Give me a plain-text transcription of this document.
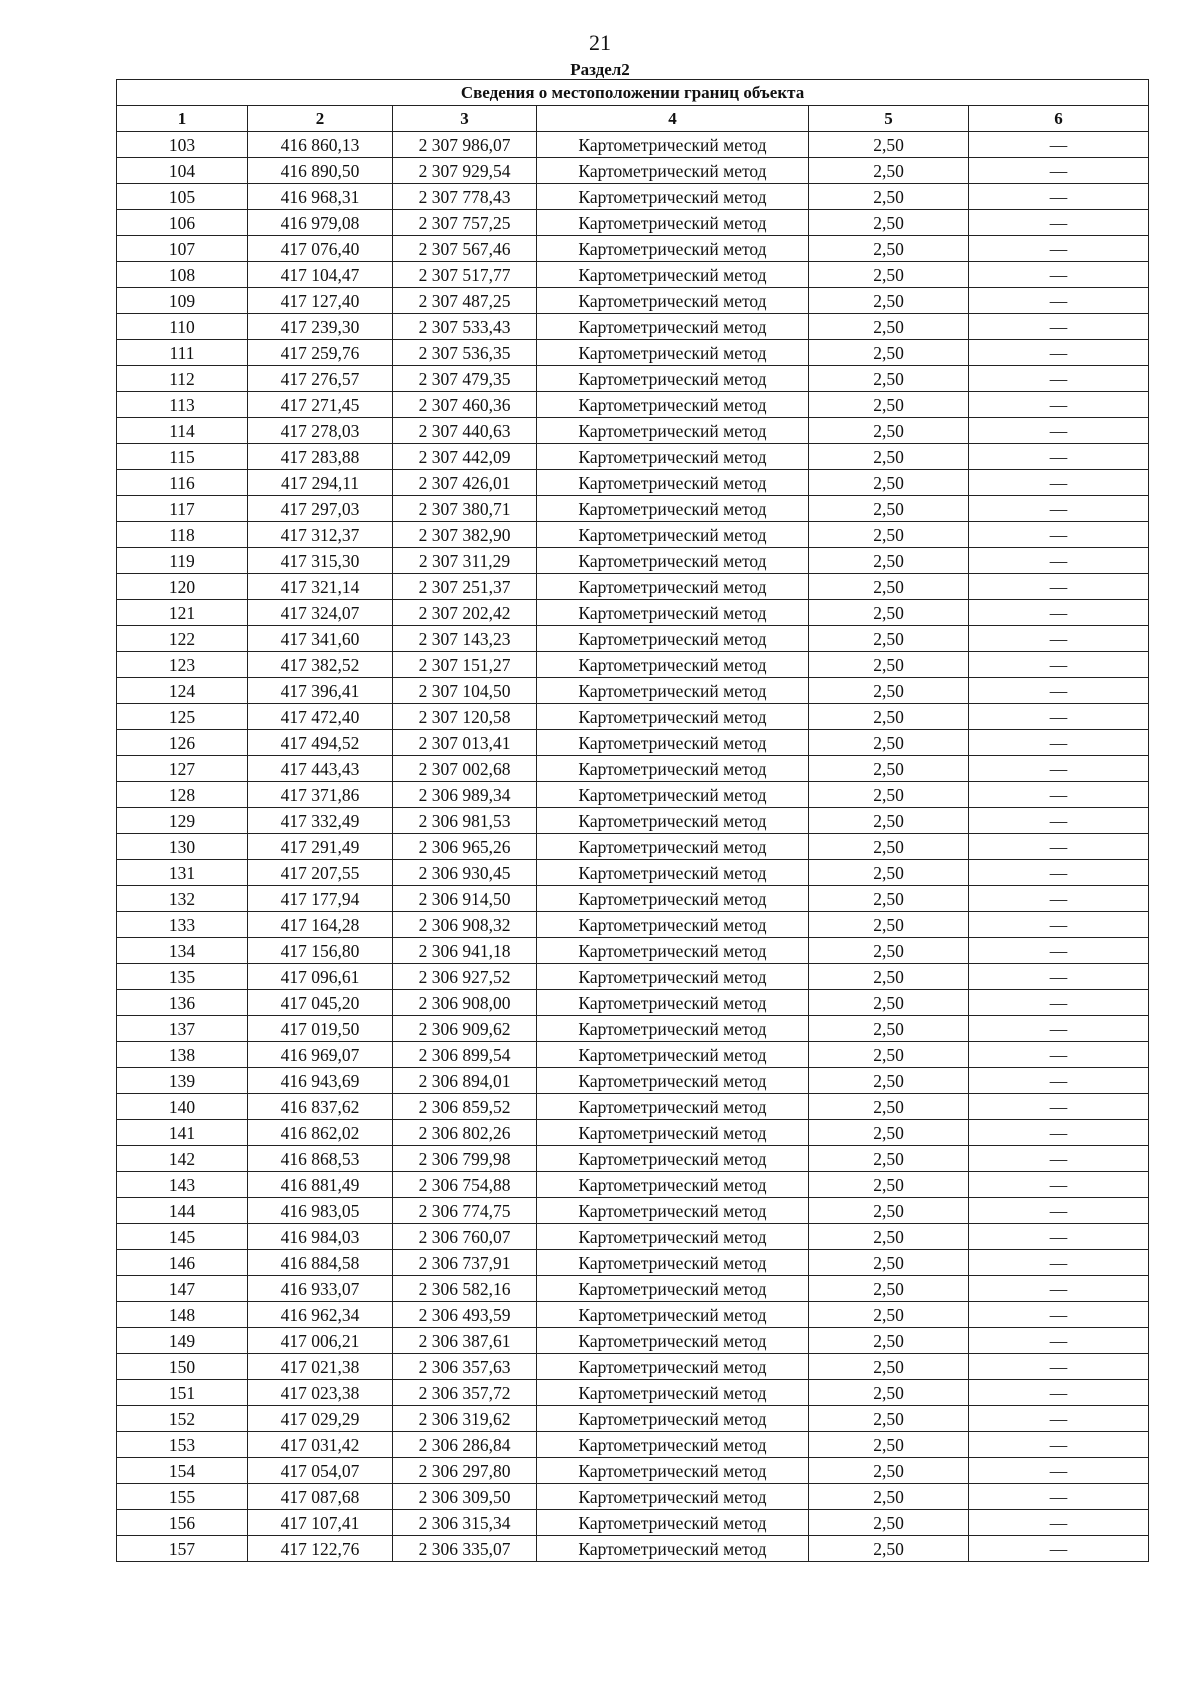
21
Раздел2
Сведения о местоположении границ объекта					
1	2	3	4	5	6
103	416 860,13	2 307 986,07	Картометрический метод	2,50	—
104	416 890,50	2 307 929,54	Картометрический метод	2,50	—
105	416 968,31	2 307 778,43	Картометрический метод	2,50	—
106	416 979,08	2 307 757,25	Картометрический метод	2,50	—
107	417 076,40	2 307 567,46	Картометрический метод	2,50	—
108	417 104,47	2 307 517,77	Картометрический метод	2,50	—
109	417 127,40	2 307 487,25	Картометрический метод	2,50	—
110	417 239,30	2 307 533,43	Картометрический метод	2,50	—
111	417 259,76	2 307 536,35	Картометрический метод	2,50	—
112	417 276,57	2 307 479,35	Картометрический метод	2,50	—
113	417 271,45	2 307 460,36	Картометрический метод	2,50	—
114	417 278,03	2 307 440,63	Картометрический метод	2,50	—
115	417 283,88	2 307 442,09	Картометрический метод	2,50	—
116	417 294,11	2 307 426,01	Картометрический метод	2,50	—
117	417 297,03	2 307 380,71	Картометрический метод	2,50	—
118	417 312,37	2 307 382,90	Картометрический метод	2,50	—
119	417 315,30	2 307 311,29	Картометрический метод	2,50	—
120	417 321,14	2 307 251,37	Картометрический метод	2,50	—
121	417 324,07	2 307 202,42	Картометрический метод	2,50	—
122	417 341,60	2 307 143,23	Картометрический метод	2,50	—
123	417 382,52	2 307 151,27	Картометрический метод	2,50	—
124	417 396,41	2 307 104,50	Картометрический метод	2,50	—
125	417 472,40	2 307 120,58	Картометрический метод	2,50	—
126	417 494,52	2 307 013,41	Картометрический метод	2,50	—
127	417 443,43	2 307 002,68	Картометрический метод	2,50	—
128	417 371,86	2 306 989,34	Картометрический метод	2,50	—
129	417 332,49	2 306 981,53	Картометрический метод	2,50	—
130	417 291,49	2 306 965,26	Картометрический метод	2,50	—
131	417 207,55	2 306 930,45	Картометрический метод	2,50	—
132	417 177,94	2 306 914,50	Картометрический метод	2,50	—
133	417 164,28	2 306 908,32	Картометрический метод	2,50	—
134	417 156,80	2 306 941,18	Картометрический метод	2,50	—
135	417 096,61	2 306 927,52	Картометрический метод	2,50	—
136	417 045,20	2 306 908,00	Картометрический метод	2,50	—
137	417 019,50	2 306 909,62	Картометрический метод	2,50	—
138	416 969,07	2 306 899,54	Картометрический метод	2,50	—
139	416 943,69	2 306 894,01	Картометрический метод	2,50	—
140	416 837,62	2 306 859,52	Картометрический метод	2,50	—
141	416 862,02	2 306 802,26	Картометрический метод	2,50	—
142	416 868,53	2 306 799,98	Картометрический метод	2,50	—
143	416 881,49	2 306 754,88	Картометрический метод	2,50	—
144	416 983,05	2 306 774,75	Картометрический метод	2,50	—
145	416 984,03	2 306 760,07	Картометрический метод	2,50	—
146	416 884,58	2 306 737,91	Картометрический метод	2,50	—
147	416 933,07	2 306 582,16	Картометрический метод	2,50	—
148	416 962,34	2 306 493,59	Картометрический метод	2,50	—
149	417 006,21	2 306 387,61	Картометрический метод	2,50	—
150	417 021,38	2 306 357,63	Картометрический метод	2,50	—
151	417 023,38	2 306 357,72	Картометрический метод	2,50	—
152	417 029,29	2 306 319,62	Картометрический метод	2,50	—
153	417 031,42	2 306 286,84	Картометрический метод	2,50	—
154	417 054,07	2 306 297,80	Картометрический метод	2,50	—
155	417 087,68	2 306 309,50	Картометрический метод	2,50	—
156	417 107,41	2 306 315,34	Картометрический метод	2,50	—
157	417 122,76	2 306 335,07	Картометрический метод	2,50	—
